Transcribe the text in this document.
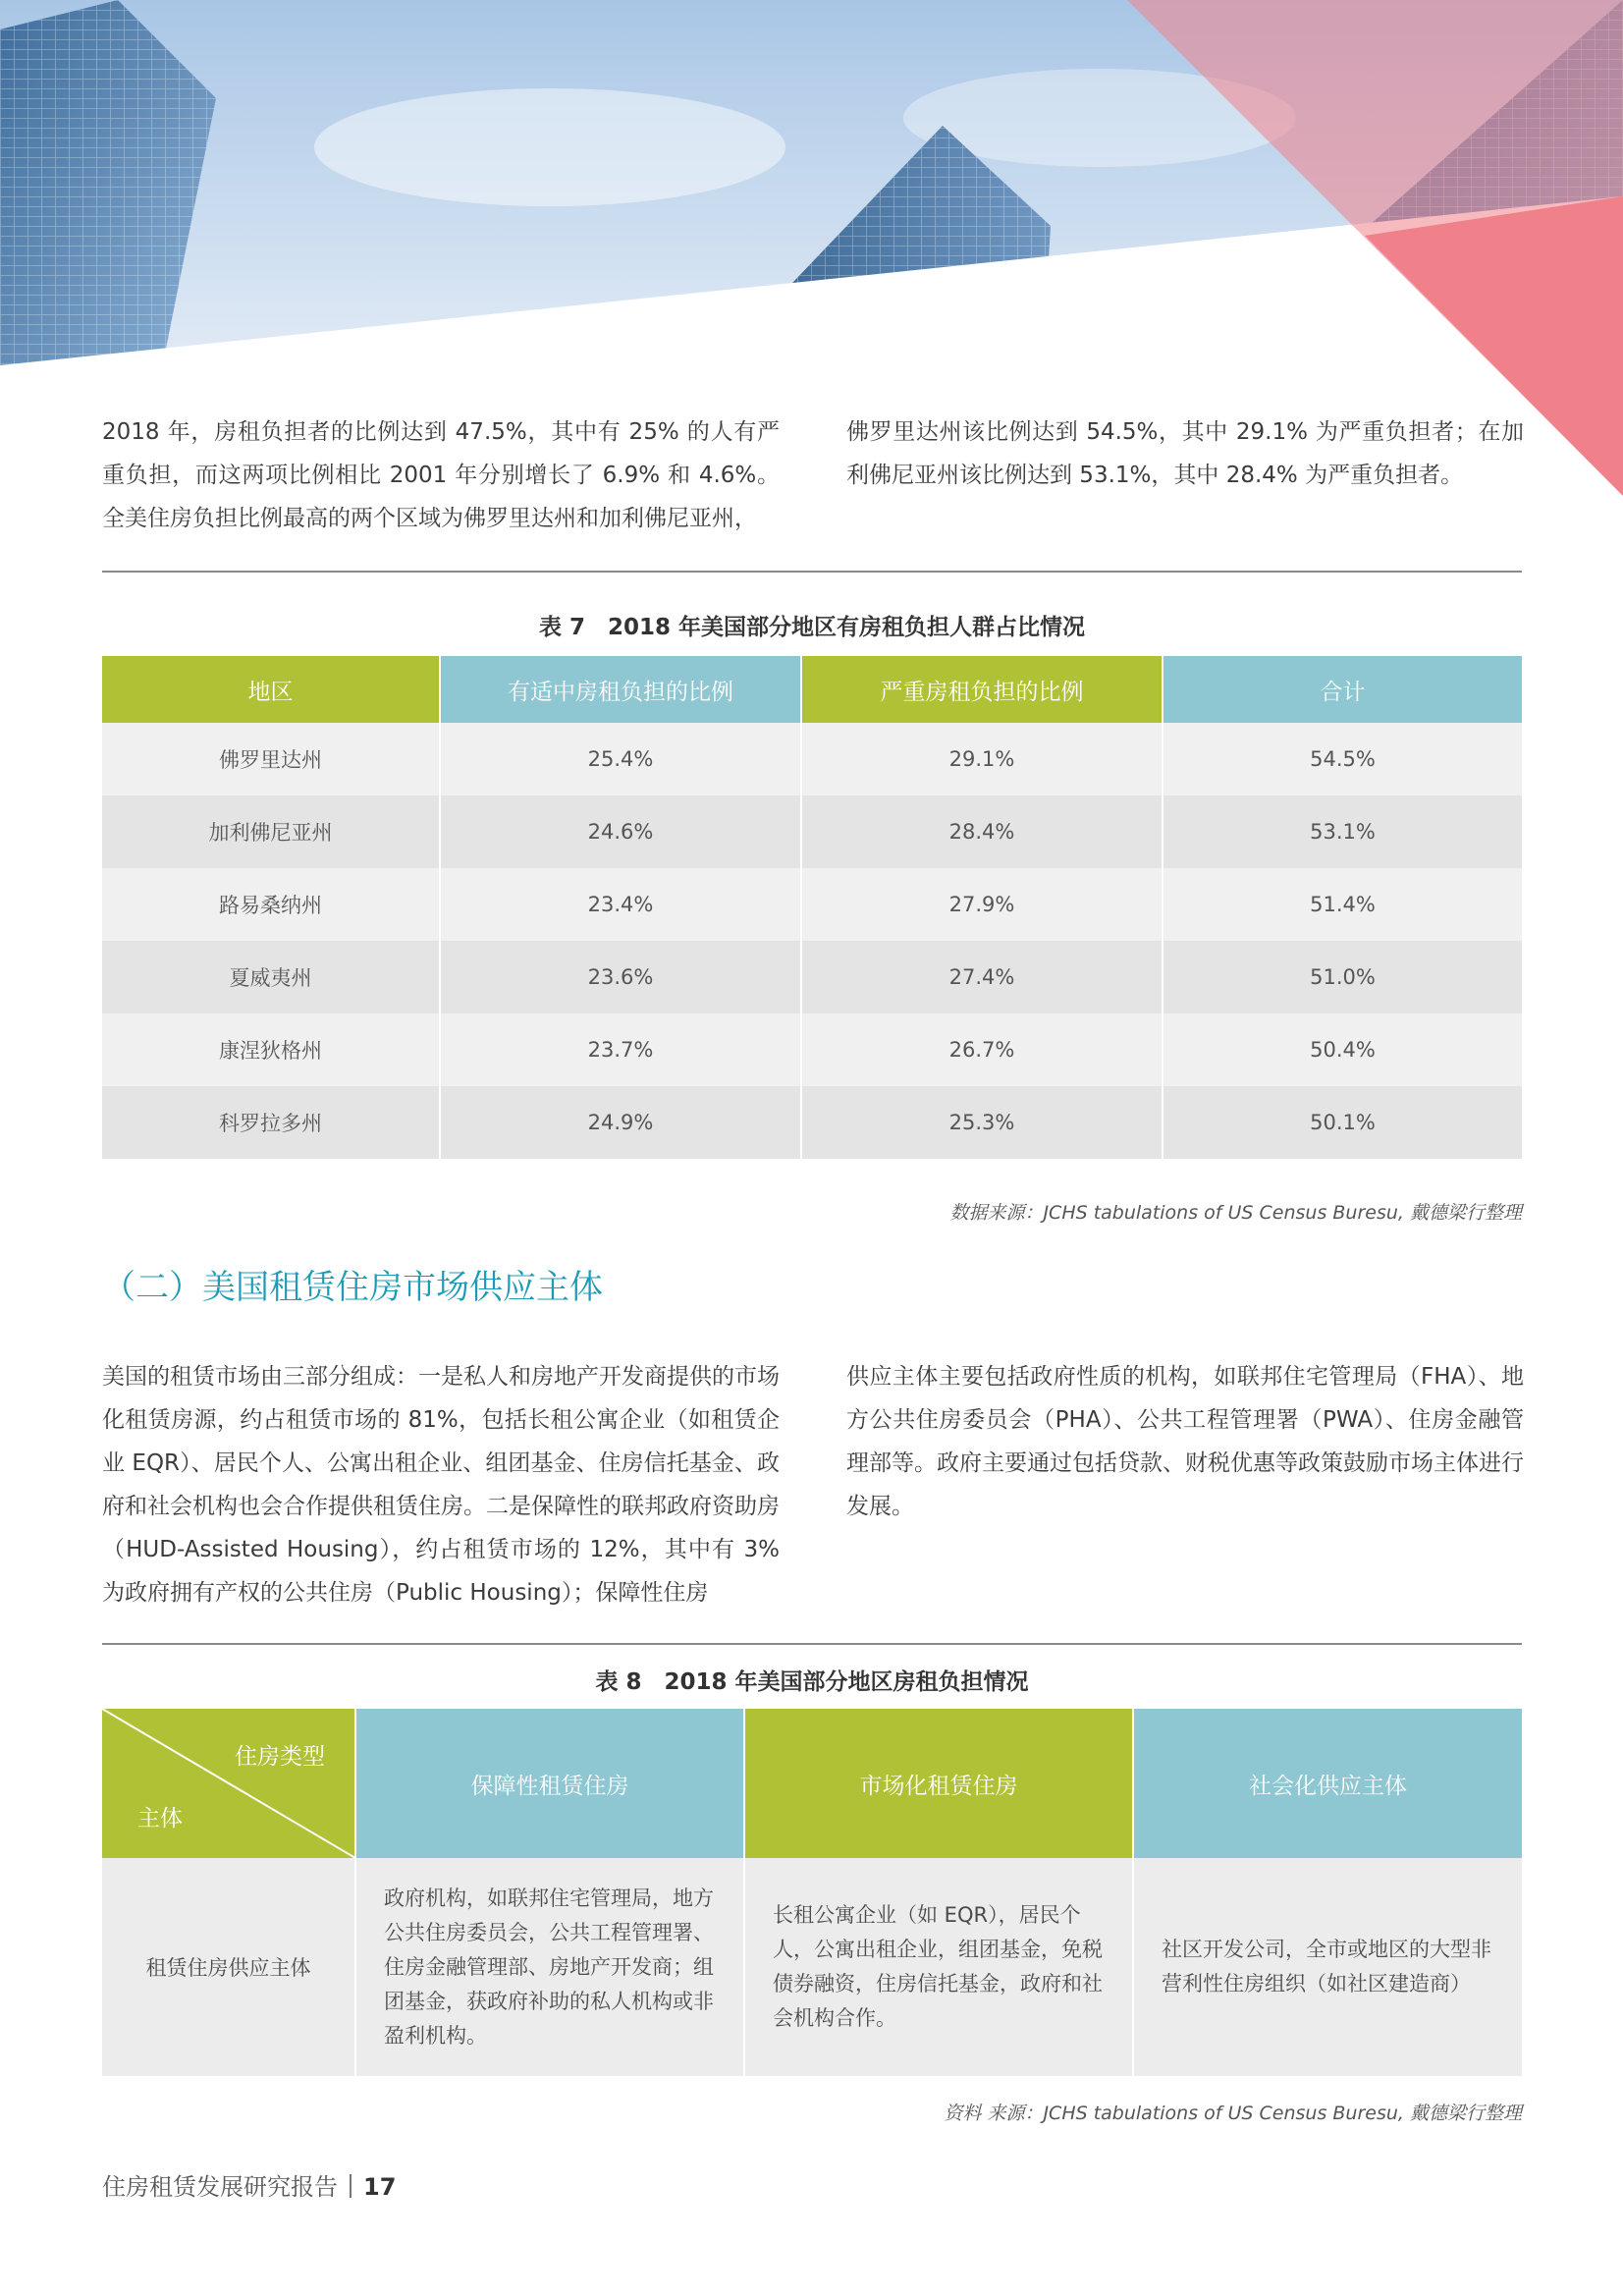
2018 年，房租负担者的比例达到 47.5%，其中有 25% 的人有严重负担，而这两项比例相比 2001 年分别增长了 6.9% 和 4.6%。全美住房负担比例最高的两个区域为佛罗里达州和加利佛尼亚州，

佛罗里达州该比例达到 54.5%，其中 29.1% 为严重负担者；在加利佛尼亚州该比例达到 53.1%，其中 28.4% 为严重负担者。

表 7　2018 年美国部分地区有房租负担人群占比情况
地区	有适中房租负担的比例	严重房租负担的比例	合计
佛罗里达州	25.4%	29.1%	54.5%
加利佛尼亚州	24.6%	28.4%	53.1%
路易桑纳州	23.4%	27.9%	51.4%
夏威夷州	23.6%	27.4%	51.0%
康涅狄格州	23.7%	26.7%	50.4%
科罗拉多州	24.9%	25.3%	50.1%
数据来源：JCHS tabulations of US Census Buresu, 戴德梁行整理
（二）美国租赁住房市场供应主体

美国的租赁市场由三部分组成：一是私人和房地产开发商提供的市场化租赁房源，约占租赁市场的 81%，包括长租公寓企业（如租赁企业 EQR）、居民个人、公寓出租企业、组团基金、住房信托基金、政府和社会机构也会合作提供租赁住房。二是保障性的联邦政府资助房（HUD-Assisted Housing），约占租赁市场的 12%，其中有 3% 为政府拥有产权的公共住房（Public Housing）；保障性住房

供应主体主要包括政府性质的机构，如联邦住宅管理局（FHA）、地方公共住房委员会（PHA）、公共工程管理署（PWA）、住房金融管理部等。政府主要通过包括贷款、财税优惠等政策鼓励市场主体进行发展。

表 8　2018 年美国部分地区房租负担情况
住房类型
主体	保障性租赁住房	市场化租赁住房	社会化供应主体
租赁住房供应主体	政府机构，如联邦住宅管理局，地方公共住房委员会，公共工程管理署、住房金融管理部、房地产开发商；组团基金，获政府补助的私人机构或非盈利机构。	长租公寓企业（如 EQR），居民个人，公寓出租企业，组团基金，免税债券融资，住房信托基金，政府和社会机构合作。	社区开发公司，全市或地区的大型非营利性住房组织（如社区建造商）
资料 来源：JCHS tabulations of US Census Buresu, 戴德梁行整理
住房租赁发展研究报告 17
